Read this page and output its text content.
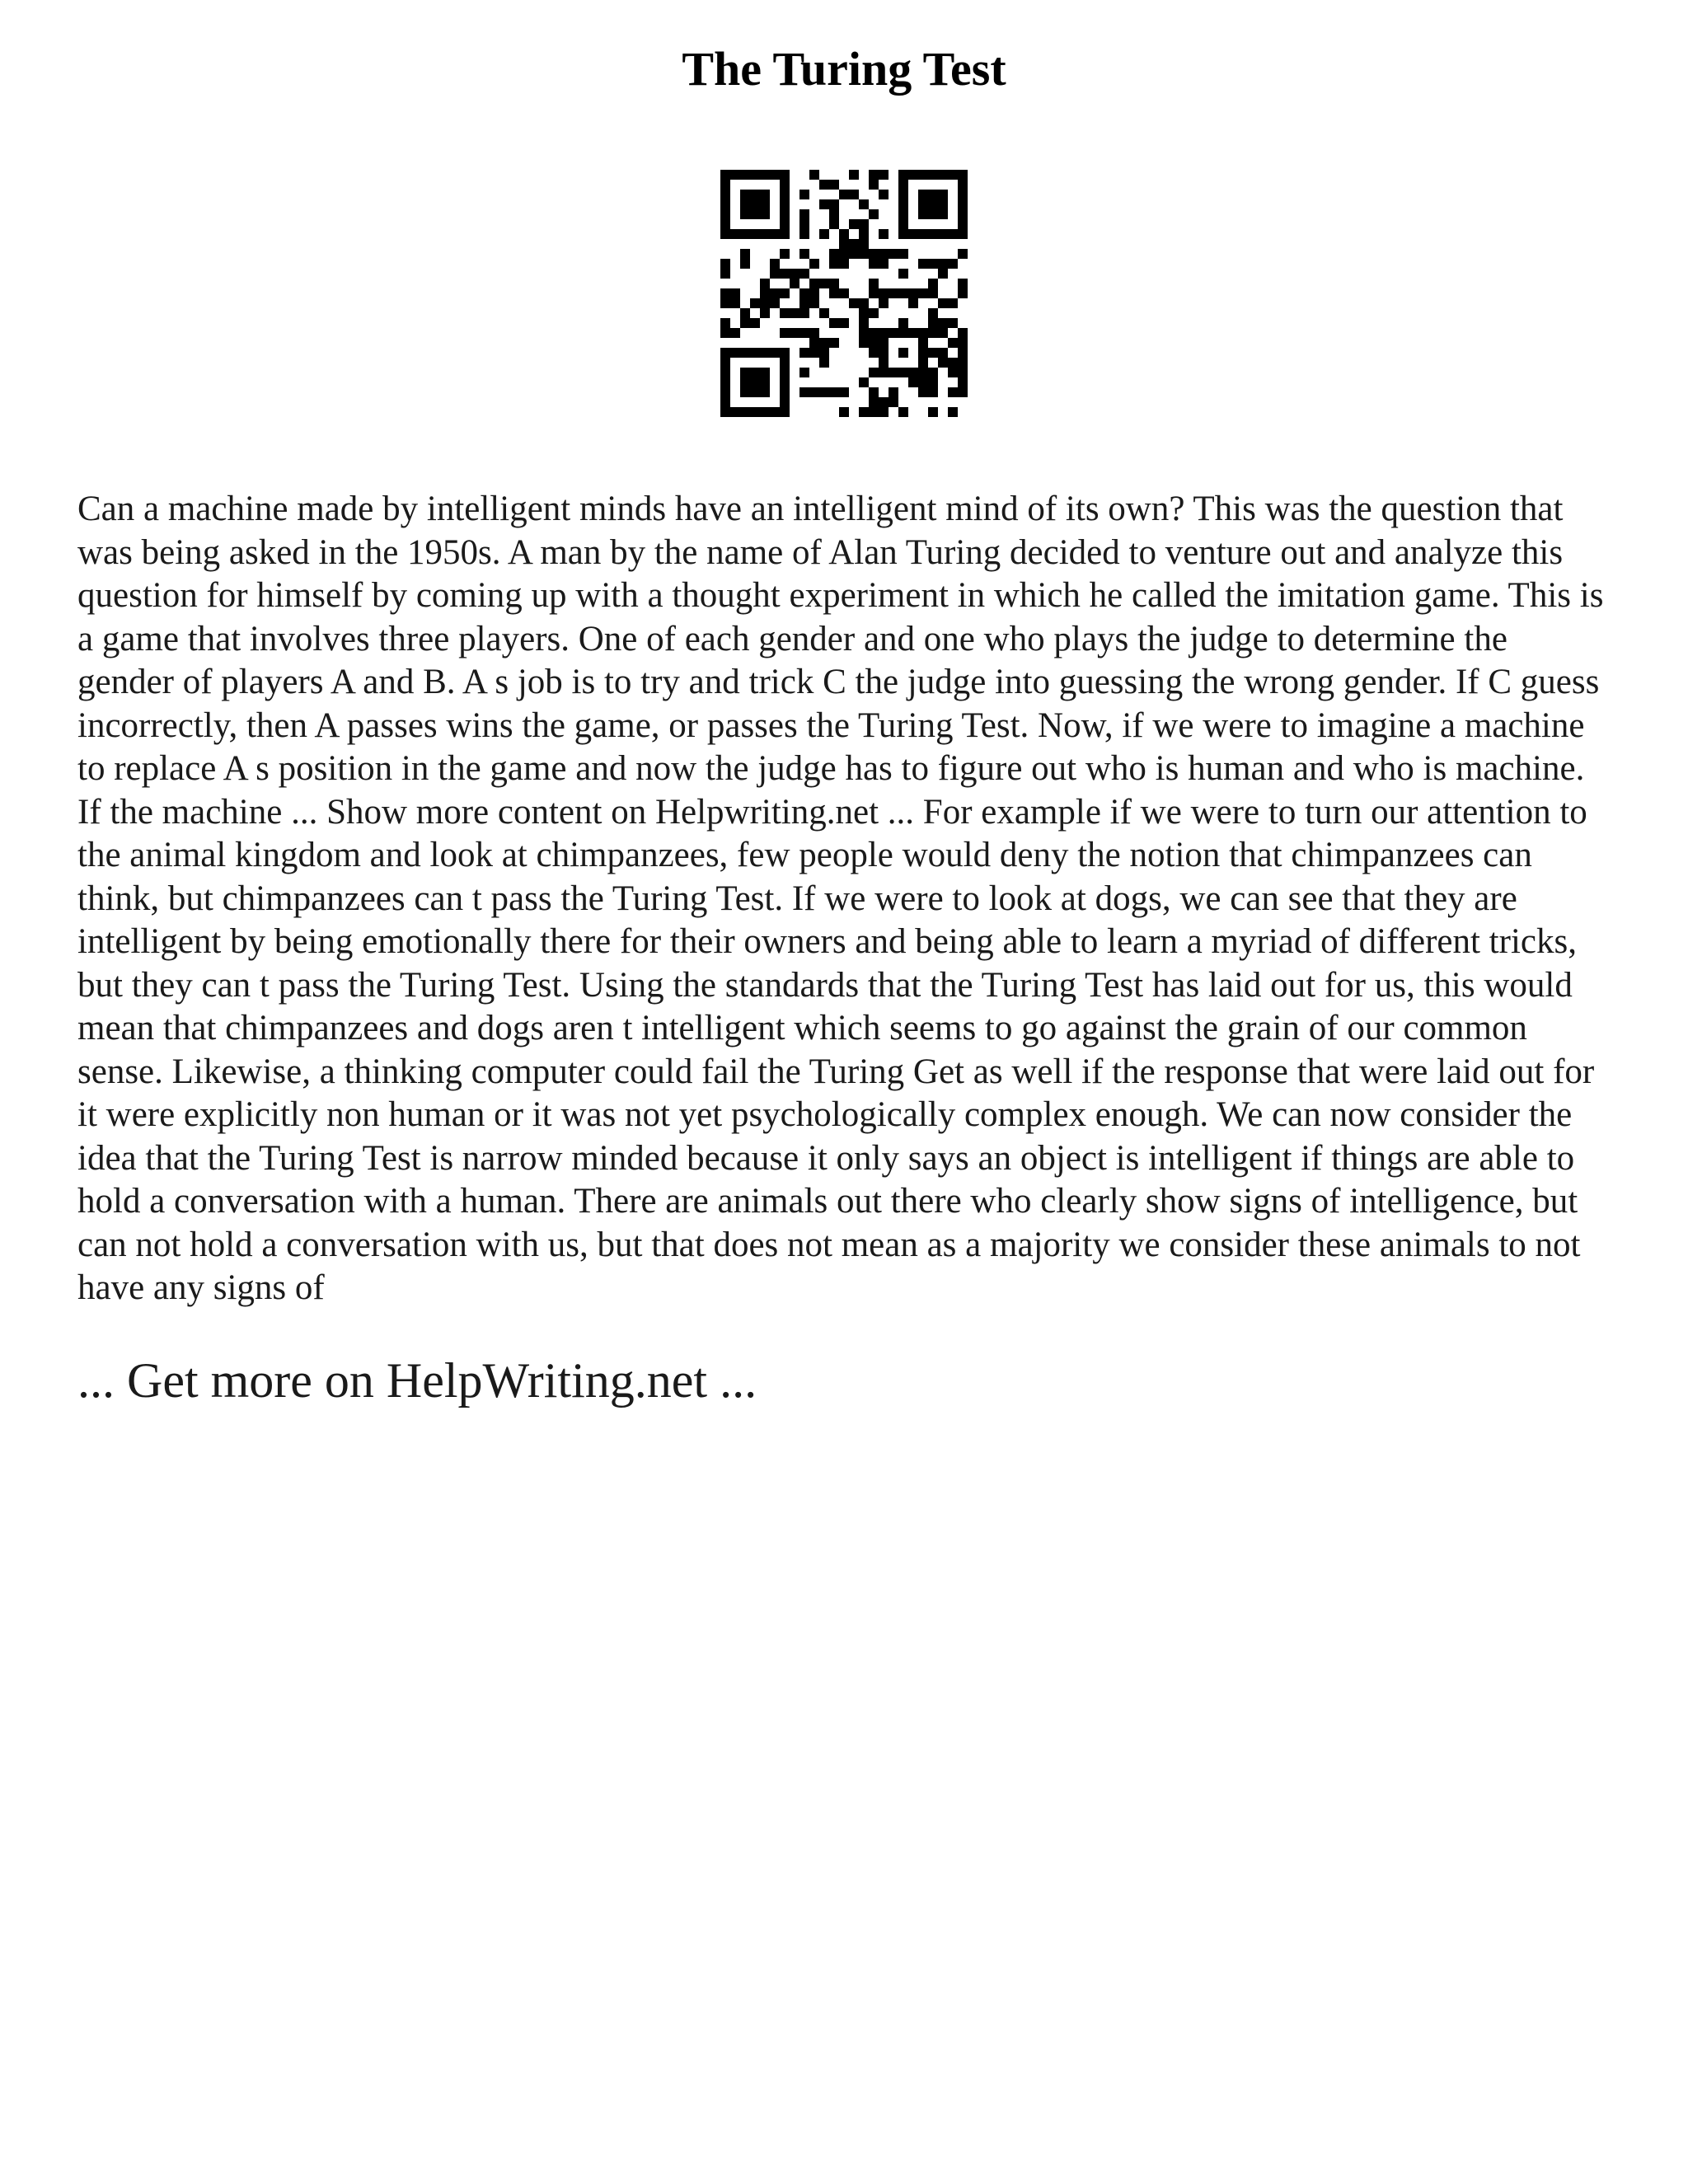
The Turing Test

Can a machine made by intelligent minds have an intelligent mind of its own? This was the question that was being asked in the 1950s. A man by the name of Alan Turing decided to venture out and analyze this question for himself by coming up with a thought experiment in which he called the imitation game. This is a game that involves three players. One of each gender and one who plays the judge to determine the gender of players A and B. A s job is to try and trick C the judge into guessing the wrong gender. If C guess incorrectly, then A passes wins the game, or passes the Turing Test. Now, if we were to imagine a machine to replace A s position in the game and now the judge has to figure out who is human and who is machine. If the machine ... Show more content on Helpwriting.net ... For example if we were to turn our attention to the animal kingdom and look at chimpanzees, few people would deny the notion that chimpanzees can think, but chimpanzees can t pass the Turing Test. If we were to look at dogs, we can see that they are intelligent by being emotionally there for their owners and being able to learn a myriad of different tricks, but they can t pass the Turing Test. Using the standards that the Turing Test has laid out for us, this would mean that chimpanzees and dogs aren t intelligent which seems to go against the grain of our common sense. Likewise, a thinking computer could fail the Turing Get as well if the response that were laid out for it were explicitly non human or it was not yet psychologically complex enough. We can now consider the idea that the Turing Test is narrow minded because it only says an object is intelligent if things are able to hold a conversation with a human. There are animals out there who clearly show signs of intelligence, but can not hold a conversation with us, but that does not mean as a majority we consider these animals to not have any signs of

... Get more on HelpWriting.net ...
